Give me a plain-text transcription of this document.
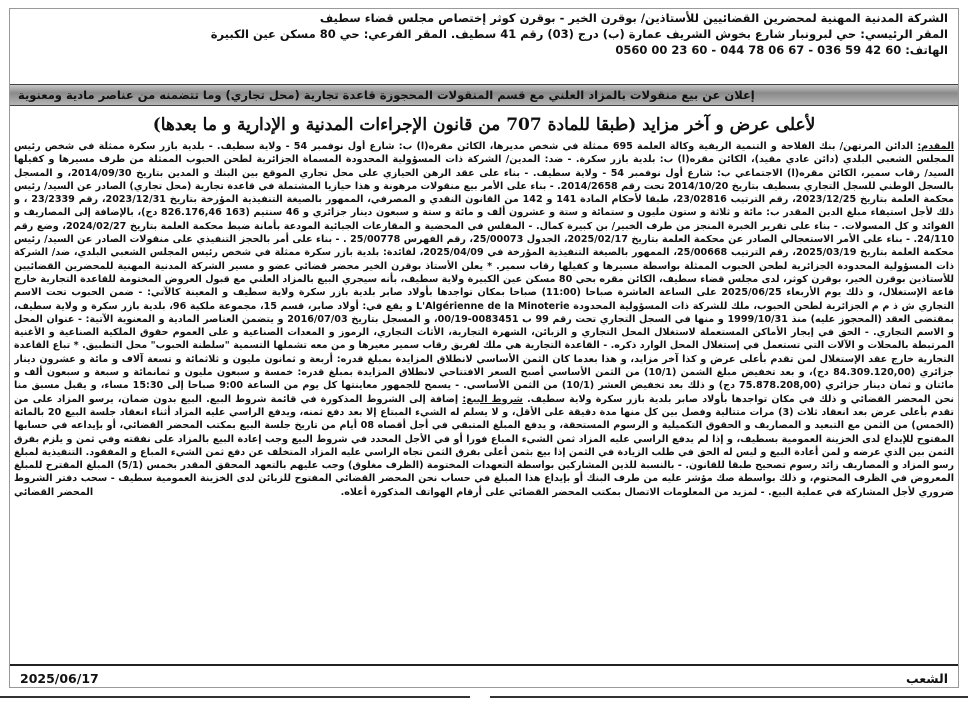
الشركة المدنية المهنية لمحضرين القضائيين للأستاذين/ بوقرن الخير - بوقرن كوثر إختصاص مجلس قضاء سطيف
المقر الرئيسي: حي لبرونبار شارع بخوش الشريف عمارة (ب) درج (03) رقم 41 سطيف. المقر الفرعي: حي 80 مسكن عين الكبيرة
الهاتف: 60 42 59 036 - 67 06 78 044 - 60 23 00 0560
إعلان عن بيع منقولات بالمزاد العلني مع قسم المنقولات المحجوزة قاعدة تجارية (محل تجاري) وما تتضمنه من عناصر مادية ومعنوية
لأعلى عرض و آخر مزايد (طبقا للمادة 707 من قانون الإجراءات المدنية و الإدارية و ما بعدها)
المقدم: الدائن المرتهن/ بنك الفلاحة و التنمية الريفية وكالة العلمة 695 ممثلة في شخص مديرها، الكائن مقره(ا) ب: شارع أول نوفمبر 54 - ولاية سطيف. - بلدية بازر سكرة ممثلة في شخص رئيس المجلس الشعبي البلدي (دائن عادي مقيد)، الكائن مقره(ا) ب: بلدية بازر سكرة. - ضد: المدين/ الشركة ذات المسؤولية المحدودة المسماة الجزائرية لطحن الحبوب الممثلة من طرف مسيرها و كفيلها السيد/ رقاب سمير، الكائن مقره(ا) الاجتماعي ب: شارع أول نوفمبر 54 - ولاية سطيف. - بناء على عقد الرهن الحيازي على محل تجاري الموقع بين البنك و المدين بتاريخ 2014/09/30، و المسجل بالسجل الوطني للسجل التجاري بسطيف بتاريخ 2014/10/20 تحت رقم 2014/2658. - بناء على الأمر بيع منقولات مرهونة و هذا حيازيا المشتملة في قاعدة تجارية (محل تجاري) الصادر عن السيد/ رئيس محكمة العلمة بتاريخ 2023/12/25، رقم الترتيب 23/02816، طبقا لأحكام المادة 141 و 142 من القانون النقدي و المصرفي، الممهور بالصيغة التنفيذية المؤرخة بتاريخ 2023/12/31، رقم 23/2339 ، و ذلك لأجل استيفاء مبلغ الدين المقدر ب: مائة و ثلاثة و ستون مليون و ستمائة و ستة و عشرون ألف و مائة و ستة و سبعون دينار جزائري و 46 سنتيم (163 826.176,46 دج)، بالإضافة إلى المصاريف و الفوائد و كل المسولات. - بناء على تقرير الخبرة المنجز من طرف الخبير/ بن كبيرة كمال. - المفلس في المحضية و المقارعات الجبائية المودعة بأمانة ضبط محكمة العلمة بتاريخ 2024/02/27، وضع رقم 24/110. - بناء على الأمر الاستعجالي الصادر عن محكمة العلمة بتاريخ 2025/02/17، الجدول 25/00073، رقم الفهرس 25/00778 . - بناء على أمر بالحجز التنفيذي على منقولات الصادر عن السيد/ رئيس محكمة العلمة بتاريخ 2025/03/19، رقم الترتيب 25/00668، الممهور بالصيغة التنفيذية المؤرخة في 2025/04/09، لفائدة: بلدية بازر سكرة ممثلة في شخص رئيس المجلس الشعبي البلدي، ضد/ الشركة ذات المسؤولية المحدودة الجزائرية لطحن الحبوب الممثلة بواسطة مسيرها و كفيلها رقاب سمير. * يعلن الأستاذ بوقرن الخير محضر قضائي عضو و مسير الشركة المدنية المهنية للمحضرين القضائيين للأستاذين بوقرن الخير، بوقرن كوثر، لدى مجلس قضاء سطيف، الكائن مقره بحي 80 مسكن عين الكبيرة ولاية سطيف، بأنه سيجري البيع بالمزاد العلني مع قبول العروض المختومة للقاعدة التجارية خارج قاعة الإستغلال، و ذلك يوم الأربعاء 2025/06/25 على الساعة العاشرة صباحا (11:00) صباحا بمكان تواجدها بأولاد صابر بلدية بازر سكرة ولاية سطيف و المعينة كالآتي: - ضمن الحبوب تحت الاسم التجاري ش ذ م م الجزائرية لطحن الحبوب، ملك للشركة ذات المسؤولية المحدودة L'Algérienne de la Minoterie و يقع في: أولاد صابر، قسم 15، مجموعة ملكية 96، بلدية بازر سكرة و ولاية سطيف، بمقتضى العقد (المحجوز عليه) منذ 1999/10/31 و منها في السجل التجاري تحت رقم 99 ب 0083451-00/19، و المسجل بتاريخ 2016/07/03 و يتضمن العناصر المادية و المعنوية الآتية: - عنوان المحل و الاسم التجاري. - الحق في إيجار الأماكن المستعملة لاستغلال المحل التجاري و الزبائن، الشهرة التجارية، الأثاث التجاري، الرموز و المعدات الصناعية و على العموم حقوق الملكية الصناعية و الأغنية المرتبطة بالمحلات و الآلات التي تستعمل في إستغلال المحل الوارد ذكره. - القاعدة التجارية هي ملك لفريق رقاب سمير معيرها و من معه تشملها التسمية "سلطنة الحبوب" محل التطبيق. * تباع القاعدة التجارية خارج عقد الإستغلال لمن تقدم بأعلى عرض و كذا آخر مزايد، و هذا بعدما كان الثمن الأساسي لانطلاق المزايدة بمبلغ قدره: أربعة و ثمانون مليون و ثلاثمائة و تسعة آلاف و مائة و عشرون دينار جزائري (84.309.120,00 دج)، و بعد تخفيض مبلغ الشمن (10/1) من الثمن الأساسي أصبح السعر الافتتاحي لانطلاق المزايدة بمبلغ قدره: خمسة و سبعون مليون و ثمانمائة و سبعة و سبعون ألف و مائتان و ثمان دينار جزائري (75.878.208,00 دج) و ذلك بعد تخفيض العشر (10/1) من الثمن الأساسي. - يسمح للجمهور معاينتها كل يوم من الساعة 9:00 صباحا إلى 15:30 مساء، و يقبل مسبق منا نحن المحضر القضائي و ذلك في مكان تواجدها بأولاد صابر بلدية بازر سكرة ولاية سطيف. شروط البيع: إضافة إلى الشروط المذكورة في قائمة شروط البيع. البيع بدون ضمان، يرسو المزاد على من تقدم بأعلى عرض بعد انعقاد ثلاث (3) مرات متتالية وفصل بين كل منها مدة دقيقة على الأقل، و لا يسلم له الشيء المبتاع إلا بعد دفع ثمنه، ويدفع الراسي عليه المزاد أثناء انعقاد جلسة البيع 20 بالمائة (الخمس) من الثمن مع التبعيد و المصاريف و الحقوق التكميلية و الرسوم المستحقة، و يدفع المبلغ المتبقي في أجل أقصاه 08 أيام من تاريخ جلسة البيع بمكتب المحضر القضائي، أو بإيداعه في حسابها المفتوح للإيداع لدى الخزينة العمومية بسطيف، و إذا لم يدفع الراسي عليه المزاد ثمن الشيء المباع فورا أو في الأجل المحدد في شروط البيع وجب إعادة البيع بالمزاد على نفقته وفي ثمن و يلزم بفرق الثمن بين الذي عرضه و لمن أعادة البيع و ليس له الحق في طلب الزيادة في الثمن إذا بيع بثمن أعلى بفرق الثمن تجاه الراسي عليه المزاد المتخلف عن دفع ثمن الشيء المباع و المفقود. التنفيذية لمبلغ رسو المزاد و المصاريف زائد رسوم تصحيح طبقا للقانون. - بالنسبة للذين المشاركين بواسطة التعهدات المختومة (الظرف مغلوق) وجب عليهم بالتعهد المحقق المقدر بخمس (5/1) المبلغ المقترح للمبلغ المعروض في الظرف المحتوم، و ذلك بواسطة صك مؤشر عليه من طرف البنك أو بإيداع هذا المبلغ في حساب نحن المحضر القضائي المفتوح للزبائن لدى الخزينة العمومية سطيف - سحب دفتر الشروط ضروري لأجل المشاركة في عملية البيع. - لمزيد من المعلومات الاتصال بمكتب المحضر القضائي على أرقام الهواتف المذكورة أعلاه.
المحضر القضائي
الشعب
2025/06/17
